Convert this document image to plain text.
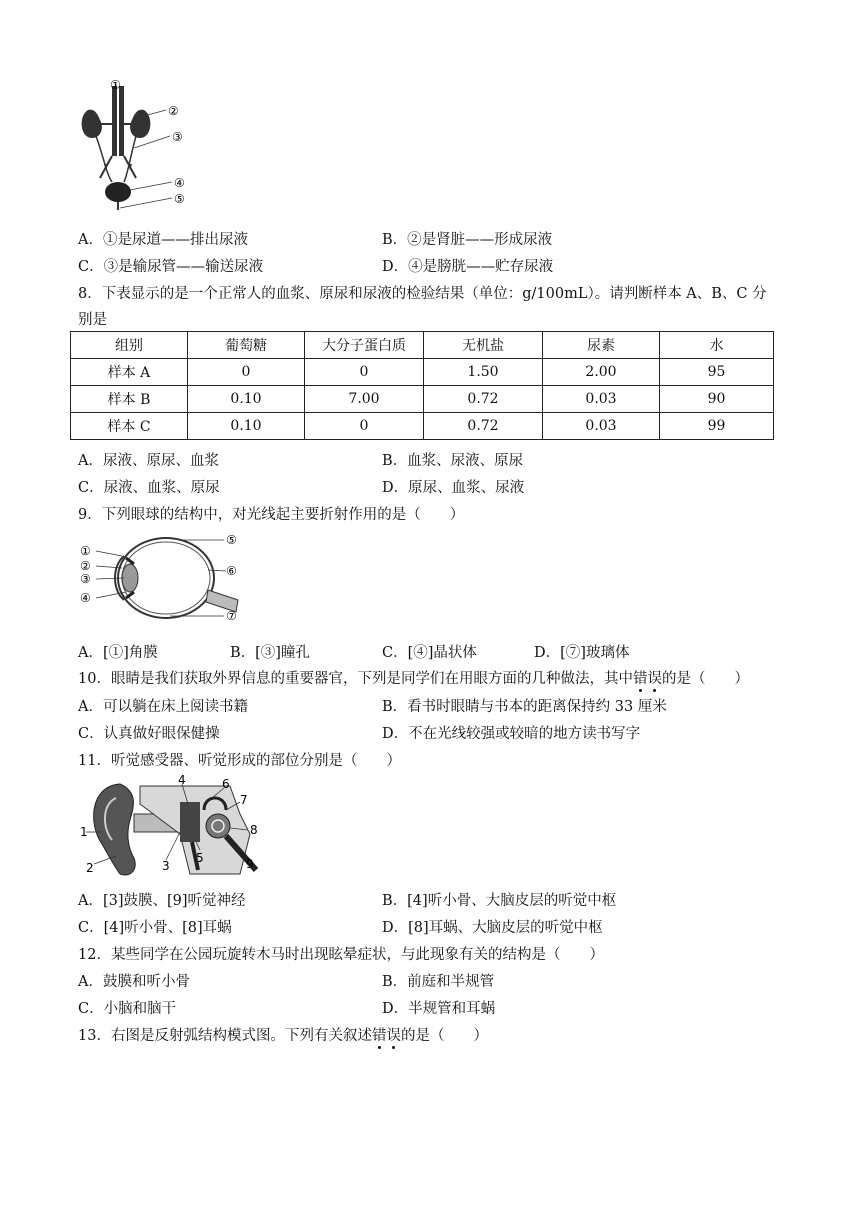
①
②
③
④
⑤
A．①是尿道——排出尿液	B．②是肾脏——形成尿液
C．③是输尿管——输送尿液	D．④是膀胱——贮存尿液
8．下表显示的是一个正常人的血浆、原尿和尿液的检验结果（单位：g/100mL）。请判断样本 A、B、C 分
别是
组别	葡萄糖	大分子蛋白质	无机盐	尿素	水
样本 A	0	0	1.50	2.00	95
样本 B	0.10	7.00	0.72	0.03	90
样本 C	0.10	0	0.72	0.03	99
A．尿液、原尿、血浆	B．血浆、尿液、原尿
C．尿液、血浆、原尿	D．原尿、血浆、尿液
9．下列眼球的结构中，对光线起主要折射作用的是（　　）
①
②
③
④
⑤
⑥
⑦
A．[①]角膜	B．[③]瞳孔	C．[④]晶状体	D．[⑦]玻璃体
10．眼睛是我们获取外界信息的重要器官，下列是同学们在用眼方面的几种做法，其中错误的是（　　）
A．可以躺在床上阅读书籍	B．看书时眼睛与书本的距离保持约 33 厘米
C．认真做好眼保健操	D．不在光线较强或较暗的地方读书写字
11．听觉感受器、听觉形成的部位分别是（　　）
1
2	3
4
5
6
7
8
9
A．[3]鼓膜、[9]听觉神经	B．[4]听小骨、大脑皮层的听觉中枢
C．[4]听小骨、[8]耳蜗	D．[8]耳蜗、大脑皮层的听觉中枢
12．某些同学在公园玩旋转木马时出现眩晕症状，与此现象有关的结构是（　　）
A．鼓膜和听小骨	B．前庭和半规管
C．小脑和脑干	D．半规管和耳蜗
13．右图是反射弧结构模式图。下列有关叙述错误的是（　　）
